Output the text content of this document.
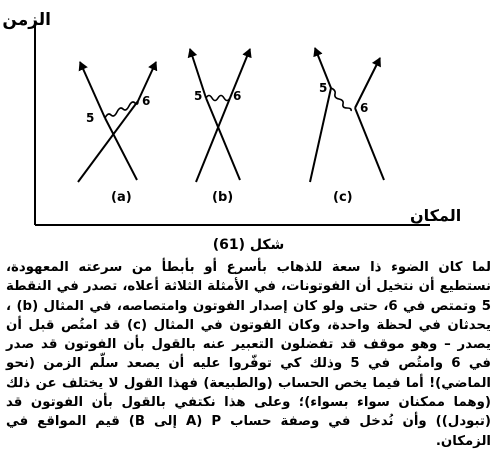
5
6	5	6
5
6
(a)	(b)	(c)
الزمن
المكان
شكل (61)

لما كان الضوء ذا سعة للذهاب بأسرع أو بأبطأ من سرعته المعهودة، نستطيع أن نتخيل أن الفوتونات، في الأمثلة الثلاثة أعلاه، تصدر في النقطة 5 وتمتص في 6، حتى ولو كان إصدار الفوتون وامتصاصه، في المثال (b) ، يحدثان في لحظة واحدة، وكان الفوتون في المثال (c) قد امتُص قبل أن يصدر – وهو موقف قد تفضلون التعبير عنه بالقول بأن الفوتون قد صدر في 6 وامتُص في 5 وذلك كي توفّروا عليه أن يصعد سلّم الزمن (نحو الماضي)! أما فيما يخص الحساب (والطبيعة) فهذا القول لا يختلف عن ذلك (وهما ممكنان سواء بسواء)؛ وعلى هذا نكتفي بالقول بأن الفوتون قد (تبودل)) وأن نُدخل في وصفة حساب P (A إلى B) قيم المواقع في الزمكان.
